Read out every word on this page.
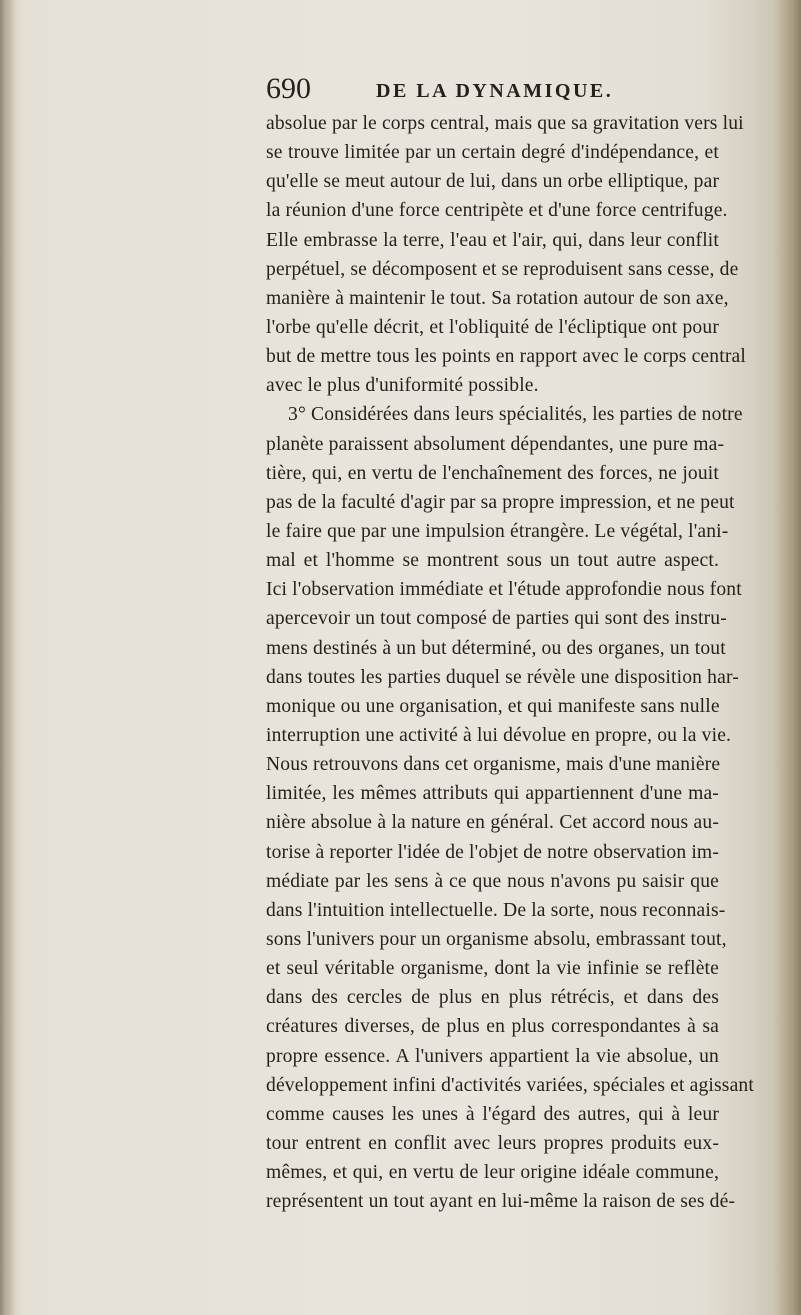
690	DE LA DYNAMIQUE.
absolue par le corps central, mais que sa gravitation vers lui
se trouve limitée par un certain degré d'indépendance, et
qu'elle se meut autour de lui, dans un orbe elliptique, par
la réunion d'une force centripète et d'une force centrifuge.
Elle embrasse la terre, l'eau et l'air, qui, dans leur conflit
perpétuel, se décomposent et se reproduisent sans cesse, de
manière à maintenir le tout. Sa rotation autour de son axe,
l'orbe qu'elle décrit, et l'obliquité de l'écliptique ont pour
but de mettre tous les points en rapport avec le corps central
avec le plus d'uniformité possible.
3° Considérées dans leurs spécialités, les parties de notre
planète paraissent absolument dépendantes, une pure ma-
tière, qui, en vertu de l'enchaînement des forces, ne jouit
pas de la faculté d'agir par sa propre impression, et ne peut
le faire que par une impulsion étrangère. Le végétal, l'ani-
mal et l'homme se montrent sous un tout autre aspect.
Ici l'observation immédiate et l'étude approfondie nous font
apercevoir un tout composé de parties qui sont des instru-
mens destinés à un but déterminé, ou des organes, un tout
dans toutes les parties duquel se révèle une disposition har-
monique ou une organisation, et qui manifeste sans nulle
interruption une activité à lui dévolue en propre, ou la vie.
Nous retrouvons dans cet organisme, mais d'une manière
limitée, les mêmes attributs qui appartiennent d'une ma-
nière absolue à la nature en général. Cet accord nous au-
torise à reporter l'idée de l'objet de notre observation im-
médiate par les sens à ce que nous n'avons pu saisir que
dans l'intuition intellectuelle. De la sorte, nous reconnais-
sons l'univers pour un organisme absolu, embrassant tout,
et seul véritable organisme, dont la vie infinie se reflète
dans des cercles de plus en plus rétrécis, et dans des
créatures diverses, de plus en plus correspondantes à sa
propre essence. A l'univers appartient la vie absolue, un
développement infini d'activités variées, spéciales et agissant
comme causes les unes à l'égard des autres, qui à leur
tour entrent en conflit avec leurs propres produits eux-
mêmes, et qui, en vertu de leur origine idéale commune,
représentent un tout ayant en lui-même la raison de ses dé-
